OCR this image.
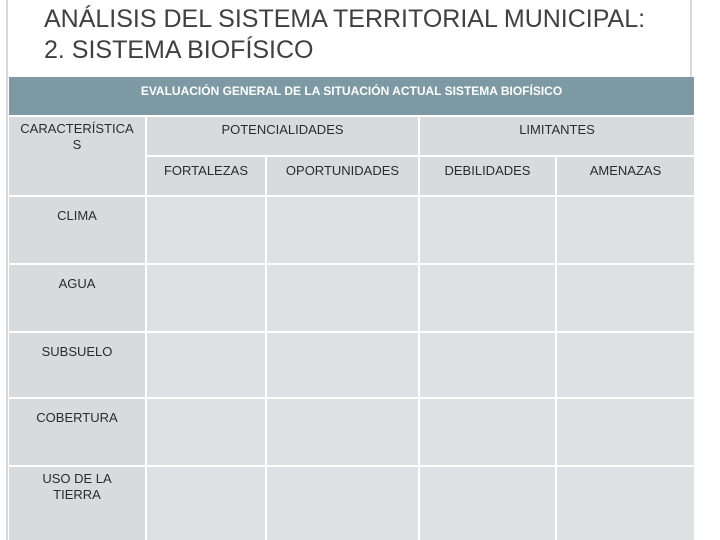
ANÁLISIS DEL SISTEMA TERRITORIAL MUNICIPAL:
2. SISTEMA BIOFÍSICO
EVALUACIÓN GENERAL DE LA SITUACIÓN ACTUAL SISTEMA BIOFÍSICO
CARACTERÍSTICA S
POTENCIALIDADES	LIMITANTES
FORTALEZAS	OPORTUNIDADES	DEBILIDADES	AMENAZAS
CLIMA
AGUA
SUBSUELO
COBERTURA
USO DE LA TIERRA
